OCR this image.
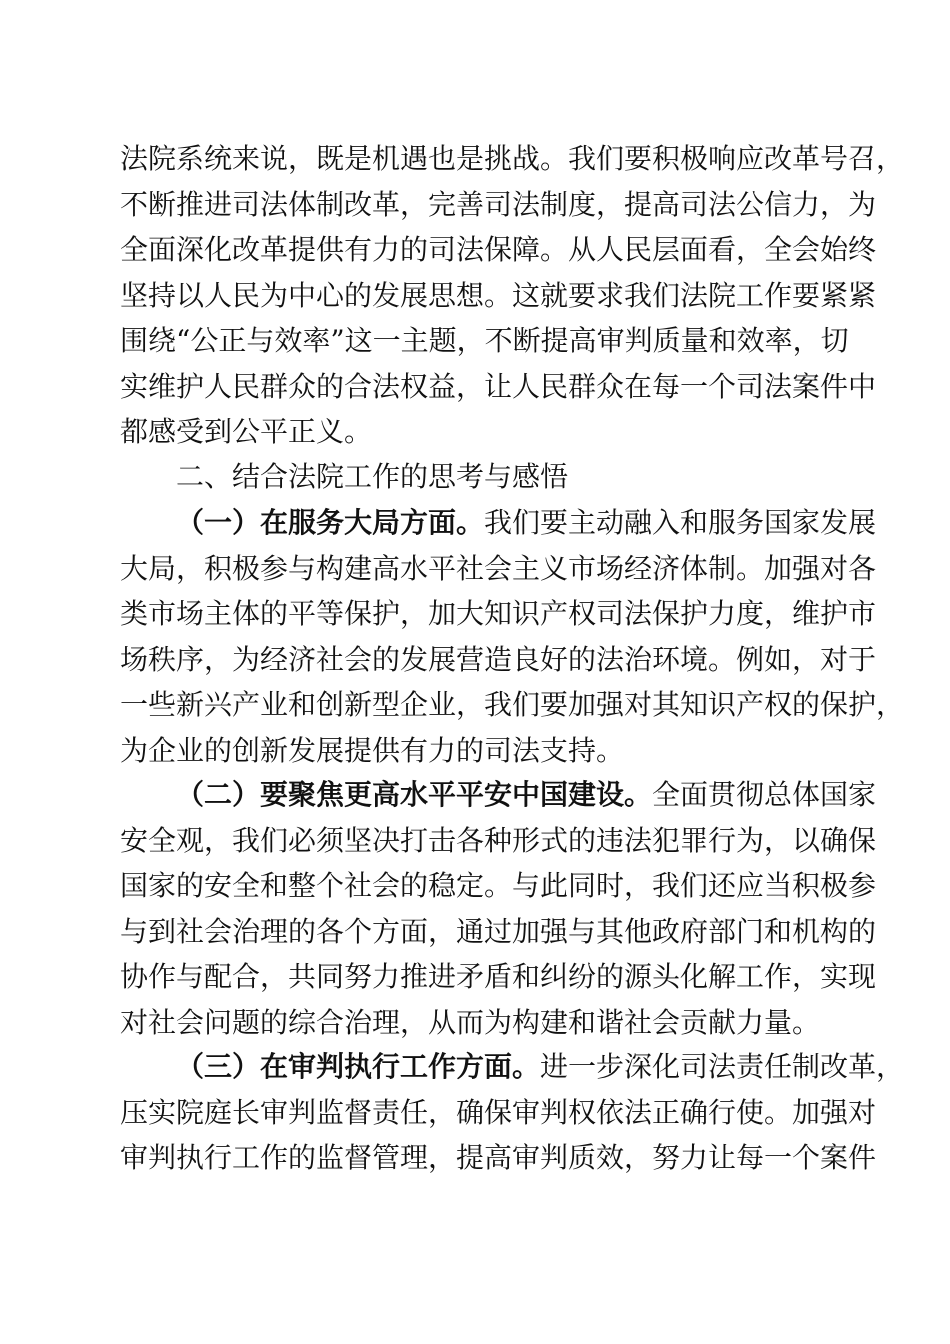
法院系统来说，既是机遇也是挑战。我们要积极响应改革号召，
不断推进司法体制改革，完善司法制度，提高司法公信力，为
全面深化改革提供有力的司法保障。从人民层面看，全会始终
坚持以人民为中心的发展思想。这就要求我们法院工作要紧紧
围绕“公正与效率”这一主题，不断提高审判质量和效率，切
实维护人民群众的合法权益，让人民群众在每一个司法案件中
都感受到公平正义。
二、结合法院工作的思考与感悟
（一）在服务大局方面。我们要主动融入和服务国家发展
大局，积极参与构建高水平社会主义市场经济体制。加强对各
类市场主体的平等保护，加大知识产权司法保护力度，维护市
场秩序，为经济社会的发展营造良好的法治环境。例如，对于
一些新兴产业和创新型企业，我们要加强对其知识产权的保护，
为企业的创新发展提供有力的司法支持。
（二）要聚焦更高水平平安中国建设。全面贯彻总体国家
安全观，我们必须坚决打击各种形式的违法犯罪行为，以确保
国家的安全和整个社会的稳定。与此同时，我们还应当积极参
与到社会治理的各个方面，通过加强与其他政府部门和机构的
协作与配合，共同努力推进矛盾和纠纷的源头化解工作，实现
对社会问题的综合治理，从而为构建和谐社会贡献力量。
（三）在审判执行工作方面。进一步深化司法责任制改革，
压实院庭长审判监督责任，确保审判权依法正确行使。加强对
审判执行工作的监督管理，提高审判质效，努力让每一个案件
